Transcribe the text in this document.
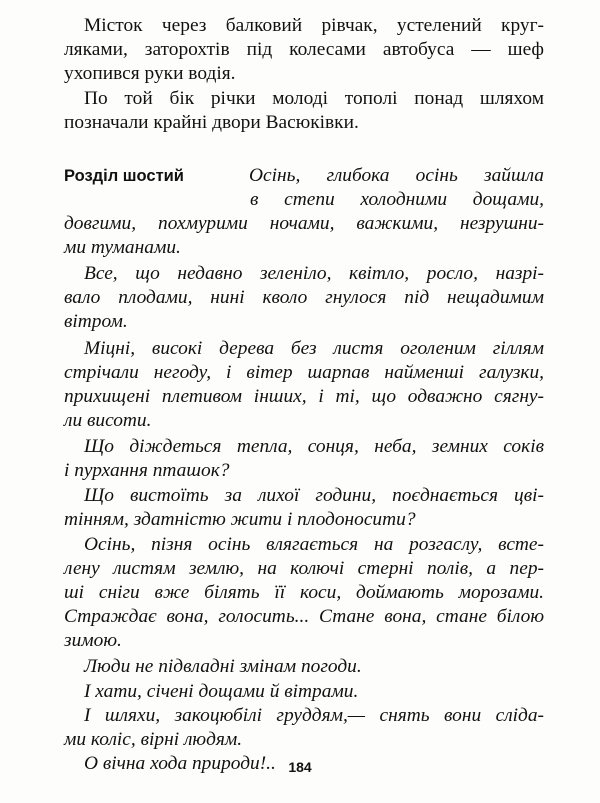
Місток через балковий рівчак, устелений круг-
ляками, заторохтів під колесами автобуса — шеф
ухопився руки водія.
По той бік річки молоді тополі понад шляхом
позначали крайні двори Васюківки.
Розділ шостий	Осінь, глибока осінь зайшла
в степи холодними дощами,
довгими, похмурими ночами, важкими, незрушни-
ми туманами.
Все, що недавно зеленіло, квітло, росло, назрі-
вало плодами, нині кволо гнулося під нещадимим
вітром.
Міцні, високі дерева без листя оголеним гіллям
стрічали негоду, і вітер шарпав найменші галузки,
прихищені плетивом інших, і ті, що одважно сягну-
ли висоти.
Що діждеться тепла, сонця, неба, земних соків
і пурхання пташок?
Що вистоїть за лихої години, поєднається цві-
тінням, здатністю жити і плодоносити?
Осінь, пізня осінь влягається на розгаслу, всте-
лену листям землю, на колючі стерні полів, а пер-
ші сніги вже білять її коси, доймають морозами.
Страждає вона, голосить... Стане вона, стане білою
зимою.
Люди не підвладні змінам погоди.
І хати, січені дощами й вітрами.
І шляхи, закоцюбілі груддям,— снять вони сліда-
ми коліс, вірні людям.
О вічна хода природи!.. 184
